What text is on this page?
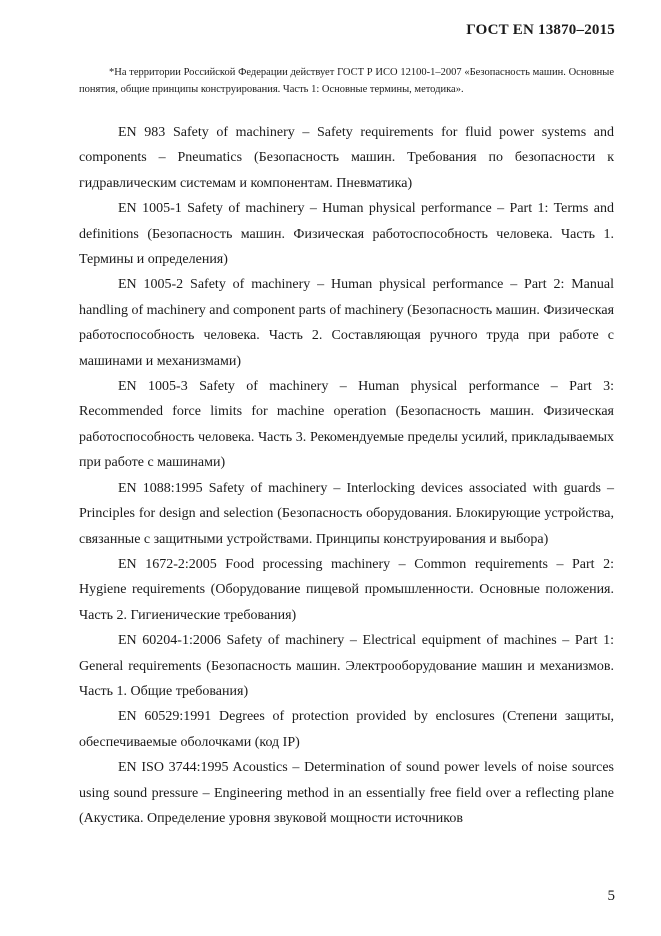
ГОСТ EN 13870–2015
*На территории Российской Федерации действует ГОСТ Р ИСО 12100-1–2007 «Безопасность машин. Основные понятия, общие принципы конструирования. Часть 1: Основные термины, методика».

EN 983 Safety of machinery – Safety requirements for fluid power systems and components – Pneumatics (Безопасность машин. Требования по безопасности к гидравлическим системам и компонентам. Пневматика)

EN 1005-1 Safety of machinery – Human physical performance – Part 1: Terms and definitions (Безопасность машин. Физическая работоспособность человека. Часть 1. Термины и определения)

EN 1005-2 Safety of machinery – Human physical performance – Part 2: Manual handling of machinery and component parts of machinery (Безопасность машин. Физическая работоспособность человека. Часть 2. Составляющая ручного труда при работе с машинами и механизмами)

EN 1005-3 Safety of machinery – Human physical performance – Part 3: Recommended force limits for machine operation (Безопасность машин. Физическая работоспособность человека. Часть 3. Рекомендуемые пределы усилий, прикладываемых при работе с машинами)

EN 1088:1995 Safety of machinery – Interlocking devices associated with guards – Principles for design and selection (Безопасность оборудования. Блокирующие устройства, связанные с защитными устройствами. Принципы конструирования и выбора)

EN 1672-2:2005 Food processing machinery – Common requirements – Part 2: Hygiene requirements (Оборудование пищевой промышленности. Основные положения. Часть 2. Гигиенические требования)

EN 60204-1:2006 Safety of machinery – Electrical equipment of machines – Part 1: General requirements (Безопасность машин. Электрооборудование машин и механизмов. Часть 1. Общие требования)

EN 60529:1991 Degrees of protection provided by enclosures (Степени защиты, обеспечиваемые оболочками (код IP)

EN ISO 3744:1995 Acoustics – Determination of sound power levels of noise sources using sound pressure – Engineering method in an essentially free field over a reflecting plane (Акустика. Определение уровня звуковой мощности источников

5
